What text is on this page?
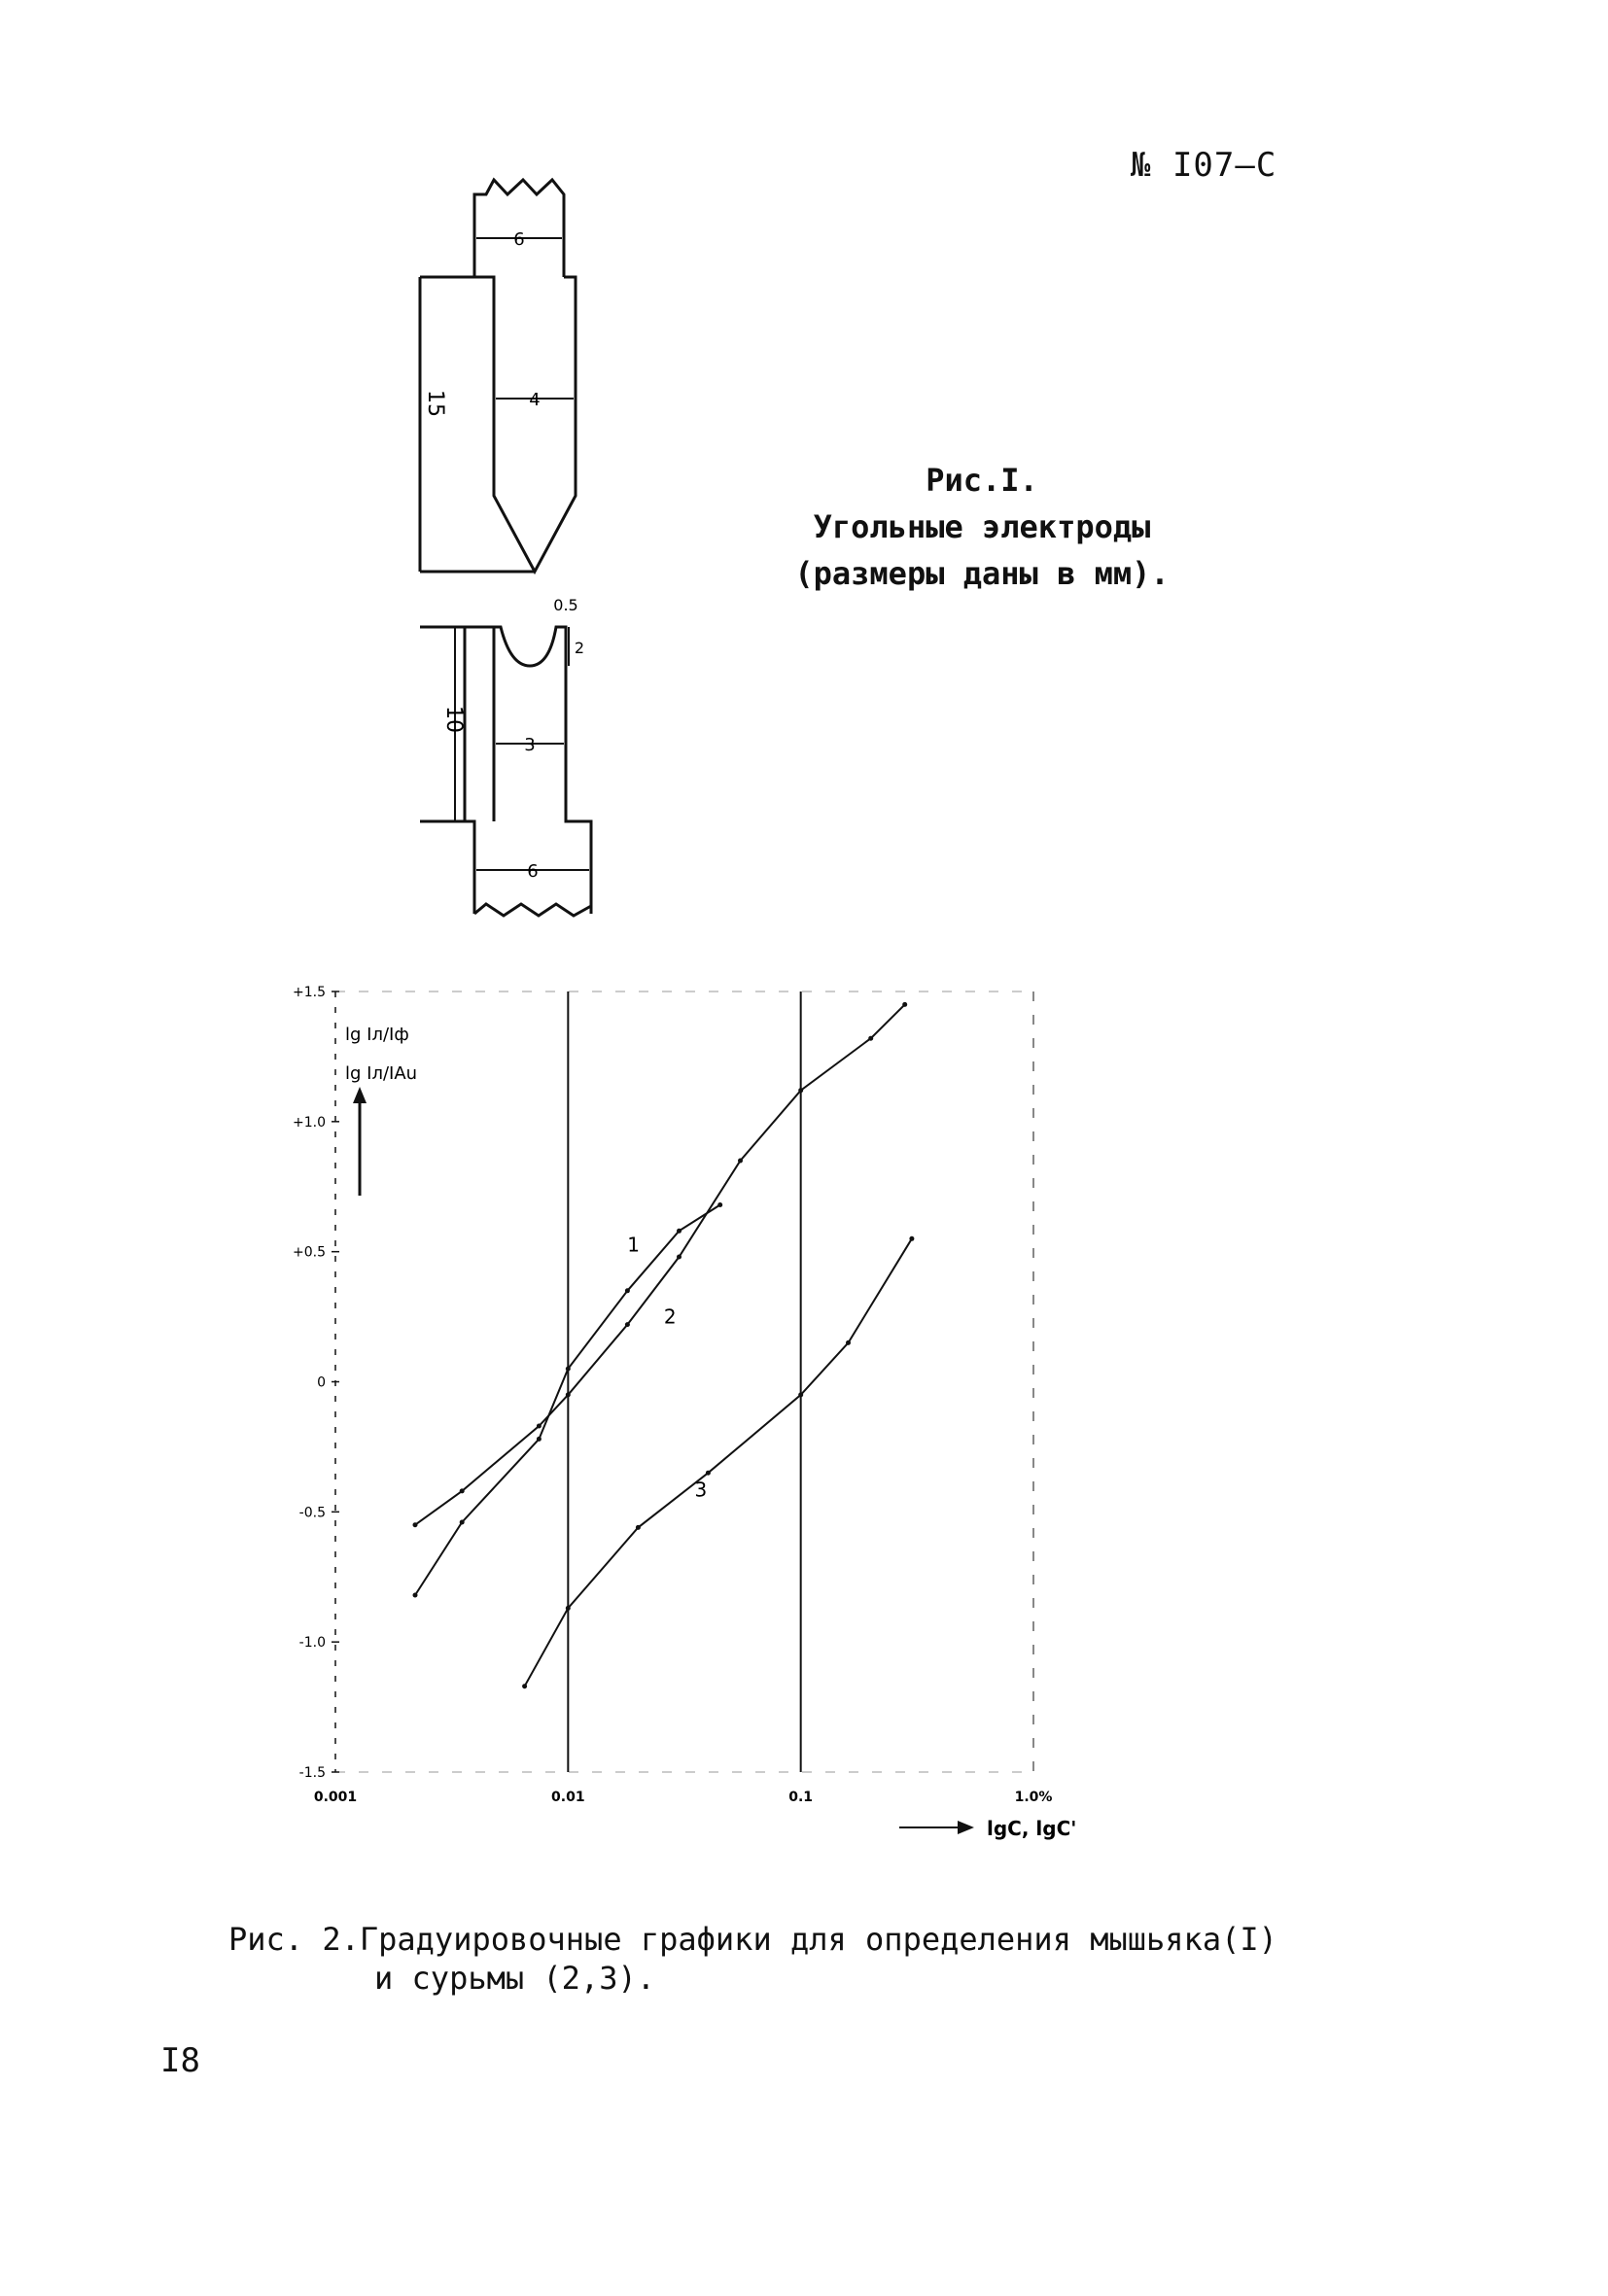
№ I07–C
6
4
15
0.5
2
3
10
6
Рис.I.
Угольные электроды
(размеры даны в мм).
+1.5
+1.0
+0.5
0
-0.5
-1.0
-1.5
0.001	0.01	0.1	1.0%
1
2
3
lg Iл/Iф
lg Iл/IAu
lgC, lgC'
Рис. 2.Градуировочные графики для определения мышьяка(I)
и сурьмы (2,3).
I8
